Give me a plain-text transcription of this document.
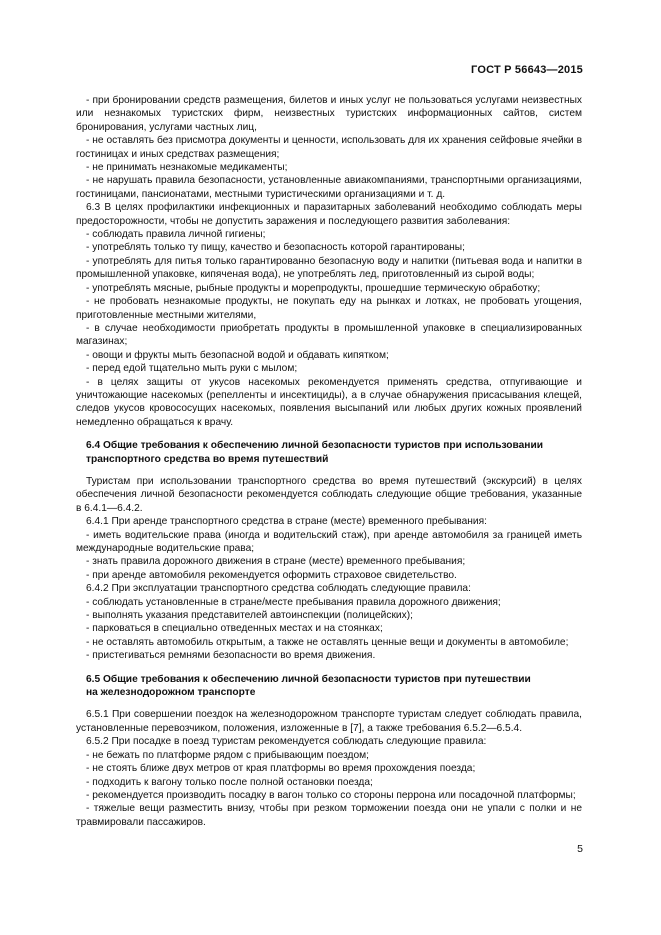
ГОСТ Р 56643—2015

- при бронировании средств размещения, билетов и иных услуг не пользоваться услугами неизвестных или незнакомых туристских фирм, неизвестных туристских информационных сайтов, систем бронирования, услугами частных лиц,

- не оставлять без присмотра документы и ценности, использовать для их хранения сейфовые ячейки в гостиницах и иных средствах размещения;

- не принимать незнакомые медикаменты;

- не нарушать правила безопасности, установленные авиакомпаниями, транспортными организациями, гостиницами, пансионатами, местными туристическими организациями и т. д.

6.3 В целях профилактики инфекционных и паразитарных заболеваний необходимо соблюдать меры предосторожности, чтобы не допустить заражения и последующего развития заболевания:

- соблюдать правила личной гигиены;

- употреблять только ту пищу, качество и безопасность которой гарантированы;

- употреблять для питья только гарантированно безопасную воду и напитки (питьевая вода и напитки в промышленной упаковке, кипяченая вода), не употреблять лед, приготовленный из сырой воды;

- употреблять мясные, рыбные продукты и морепродукты, прошедшие термическую обработку;

- не пробовать незнакомые продукты, не покупать еду на рынках и лотках, не пробовать угощения, приготовленные местными жителями,

- в случае необходимости приобретать продукты в промышленной упаковке в специализированных магазинах;

- овощи и фрукты мыть безопасной водой и обдавать кипятком;

- перед едой тщательно мыть руки с мылом;

- в целях защиты от укусов насекомых рекомендуется применять средства, отпугивающие и уничтожающие насекомых (репелленты и инсектициды), а в случае обнаружения присасывания клещей, следов укусов кровососущих насекомых, появления высыпаний или любых других кожных проявлений немедленно обращаться к врачу.

6.4 Общие требования к обеспечению личной безопасности туристов при использовании
транспортного средства во время путешествий

Туристам при использовании транспортного средства во время путешествий (экскурсий) в целях обеспечения личной безопасности рекомендуется соблюдать следующие общие требования, указанные в 6.4.1—6.4.2.

6.4.1 При аренде транспортного средства в стране (месте) временного пребывания:

- иметь водительские права (иногда и водительский стаж), при аренде автомобиля за границей иметь международные водительские права;

- знать правила дорожного движения в стране (месте) временного пребывания;

- при аренде автомобиля рекомендуется оформить страховое свидетельство.

6.4.2 При эксплуатации транспортного средства соблюдать следующие правила:

- соблюдать установленные в стране/месте пребывания правила дорожного движения;

- выполнять указания представителей автоинспекции (полицейских);

- парковаться в специально отведенных местах и на стоянках;

- не оставлять автомобиль открытым, а также не оставлять ценные вещи и документы в автомобиле;

- пристегиваться ремнями безопасности во время движения.

6.5 Общие требования к обеспечению личной безопасности туристов при путешествии
на железнодорожном транспорте

6.5.1 При совершении поездок на железнодорожном транспорте туристам следует соблюдать правила, установленные перевозчиком, положения, изложенные в [7], а также требования 6.5.2—6.5.4.

6.5.2 При посадке в поезд туристам рекомендуется соблюдать следующие правила:

- не бежать по платформе рядом с прибывающим поездом;

- не стоять ближе двух метров от края платформы во время прохождения поезда;

- подходить к вагону только после полной остановки поезда;

- рекомендуется производить посадку в вагон только со стороны перрона или посадочной платформы;

- тяжелые вещи разместить внизу, чтобы при резком торможении поезда они не упали с полки и не травмировали пассажиров.

5
